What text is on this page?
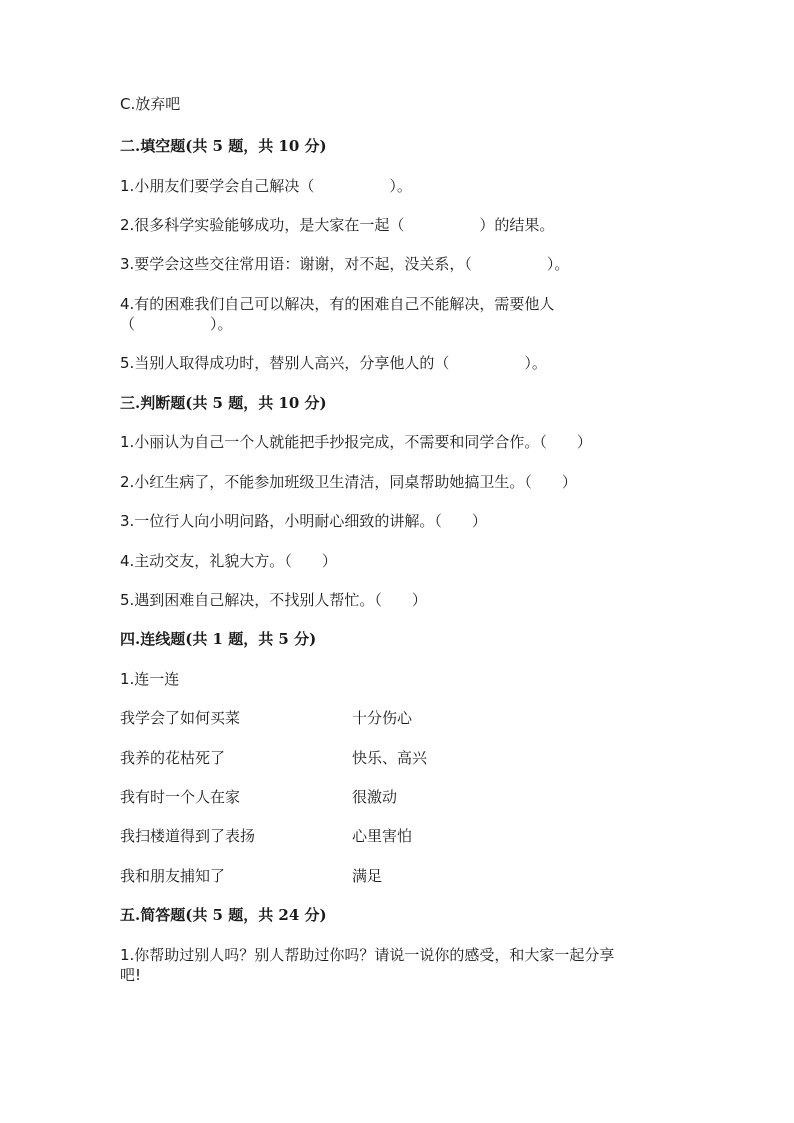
C.放弃吧
二.填空题(共 5 题，共 10 分)
1.小朋友们要学会自己解决（　　　　　）。
2.很多科学实验能够成功，是大家在一起（　　　　　）的结果。
3.要学会这些交往常用语：谢谢，对不起，没关系，（　　　　　）。
4.有的困难我们自己可以解决，有的困难自己不能解决，需要他人
（　　　　　）。
5.当别人取得成功时，替别人高兴，分享他人的（　　　　　）。
三.判断题(共 5 题，共 10 分)
1.小丽认为自己一个人就能把手抄报完成，不需要和同学合作。（　　）
2.小红生病了，不能参加班级卫生清洁，同桌帮助她搞卫生。（　　）
3.一位行人向小明问路，小明耐心细致的讲解。（　　）
4.主动交友，礼貌大方。（　　）
5.遇到困难自己解决，不找别人帮忙。（　　）
四.连线题(共 1 题，共 5 分)
1.连一连
我学会了如何买菜	十分伤心
我养的花枯死了	快乐、高兴
我有时一个人在家	很激动
我扫楼道得到了表扬	心里害怕
我和朋友捕知了	满足
五.简答题(共 5 题，共 24 分)
1.你帮助过别人吗？别人帮助过你吗？请说一说你的感受，和大家一起分享
吧!
